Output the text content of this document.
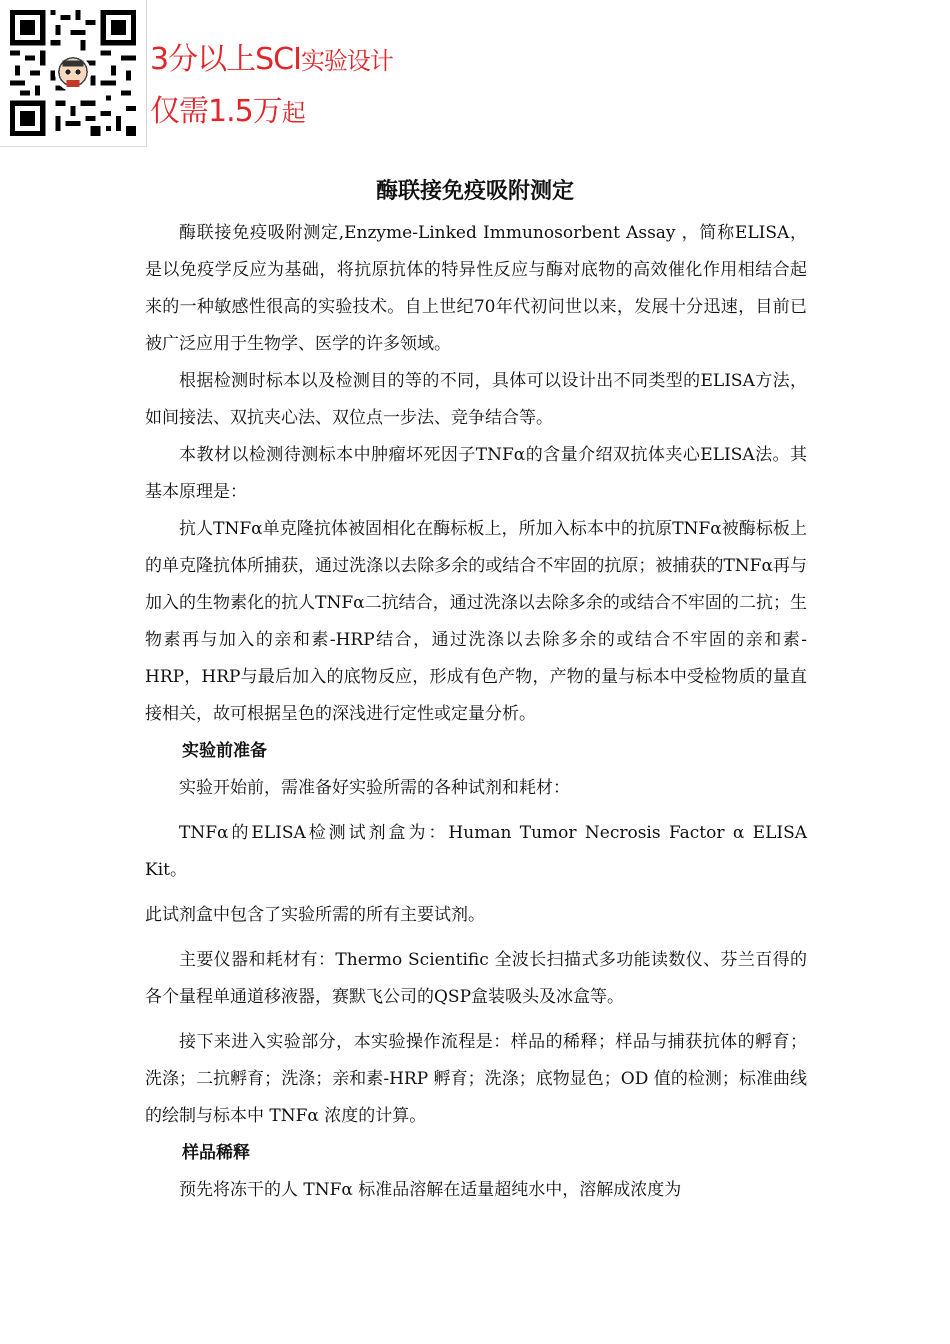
3分以上SCI实验设计
仅需1.5万起
酶联接免疫吸附测定

酶联接免疫吸附测定,Enzyme-Linked Immunosorbent Assay ，简称ELISA，是以免疫学反应为基础，将抗原抗体的特异性反应与酶对底物的高效催化作用相结合起来的一种敏感性很高的实验技术。自上世纪70年代初问世以来，发展十分迅速，目前已被广泛应用于生物学、医学的许多领域。

根据检测时标本以及检测目的等的不同，具体可以设计出不同类型的ELISA方法，如间接法、双抗夹心法、双位点一步法、竞争结合等。

本教材以检测待测标本中肿瘤坏死因子TNFα的含量介绍双抗体夹心ELISA法。其基本原理是：

抗人TNFα单克隆抗体被固相化在酶标板上，所加入标本中的抗原TNFα被酶标板上的单克隆抗体所捕获，通过洗涤以去除多余的或结合不牢固的抗原；被捕获的TNFα再与加入的生物素化的抗人TNFα二抗结合，通过洗涤以去除多余的或结合不牢固的二抗；生物素再与加入的亲和素-HRP结合，通过洗涤以去除多余的或结合不牢固的亲和素-HRP，HRP与最后加入的底物反应，形成有色产物，产物的量与标本中受检物质的量直接相关，故可根据呈色的深浅进行定性或定量分析。

实验前准备

实验开始前，需准备好实验所需的各种试剂和耗材：

TNFα的ELISA检测试剂盒为：Human Tumor Necrosis Factor α ELISA Kit。

此试剂盒中包含了实验所需的所有主要试剂。

主要仪器和耗材有：Thermo Scientific 全波长扫描式多功能读数仪、芬兰百得的各个量程单通道移液器，赛默飞公司的QSP盒装吸头及冰盒等。

接下来进入实验部分，本实验操作流程是：样品的稀释；样品与捕获抗体的孵育；洗涤；二抗孵育；洗涤；亲和素-HRP 孵育；洗涤；底物显色；OD 值的检测；标准曲线的绘制与标本中 TNFα 浓度的计算。

样品稀释

预先将冻干的人 TNFα 标准品溶解在适量超纯水中，溶解成浓度为
